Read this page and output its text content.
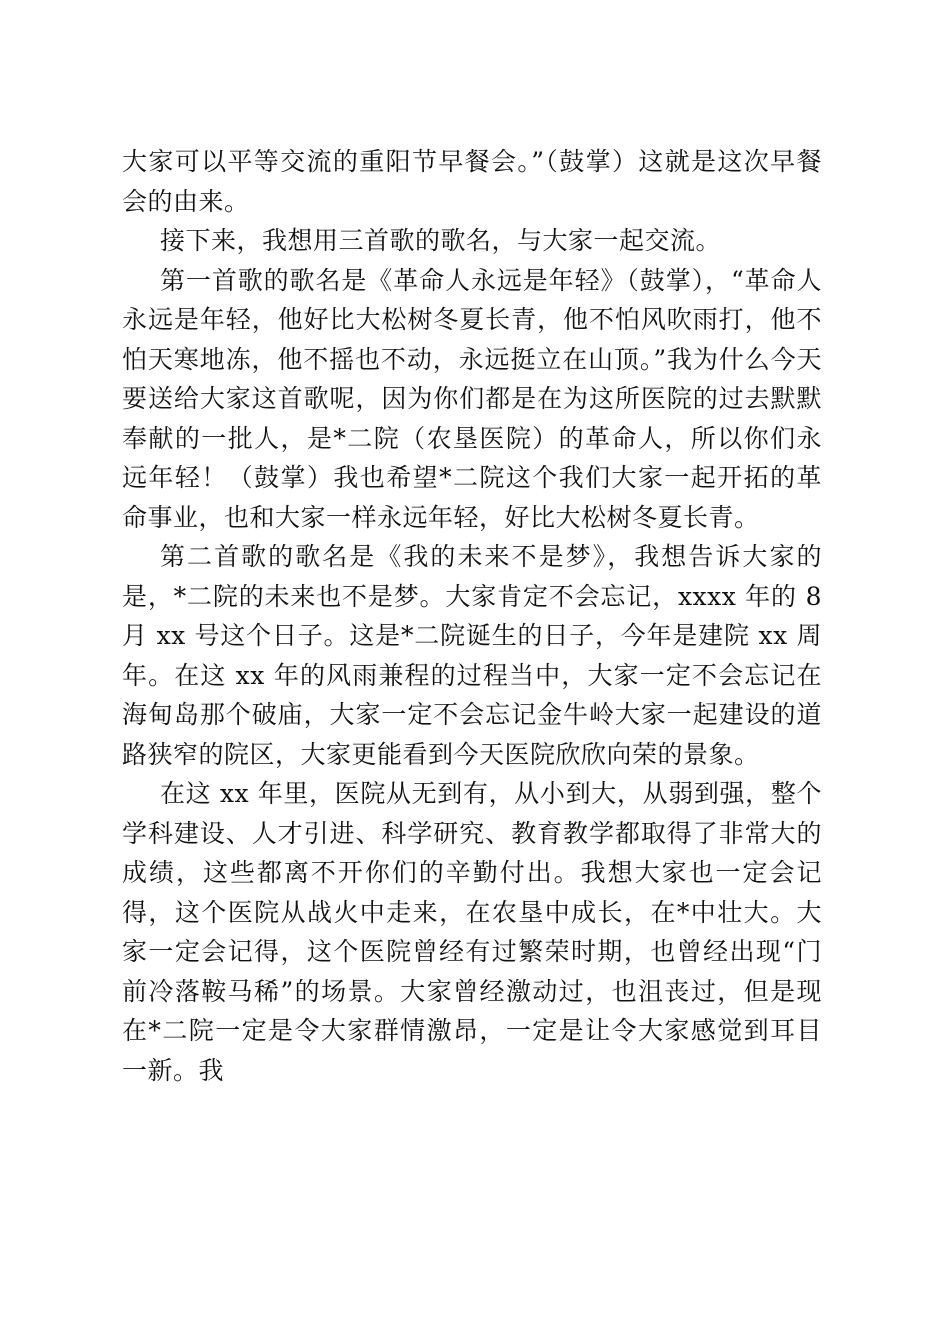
大家可以平等交流的重阳节早餐会。”（鼓掌）这就是这次早餐会的由来。

接下来，我想用三首歌的歌名，与大家一起交流。

第一首歌的歌名是《革命人永远是年轻》（鼓掌），“革命人永远是年轻，他好比大松树冬夏长青，他不怕风吹雨打，他不怕天寒地冻，他不摇也不动，永远挺立在山顶。”我为什么今天要送给大家这首歌呢，因为你们都是在为这所医院的过去默默奉献的一批人，是*二院（农垦医院）的革命人，所以你们永远年轻！（鼓掌）我也希望*二院这个我们大家一起开拓的革命事业，也和大家一样永远年轻，好比大松树冬夏长青。

第二首歌的歌名是《我的未来不是梦》，我想告诉大家的是，*二院的未来也不是梦。大家肯定不会忘记，xxxx 年的 8 月 xx 号这个日子。这是*二院诞生的日子，今年是建院 xx 周年。在这 xx 年的风雨兼程的过程当中，大家一定不会忘记在海甸岛那个破庙，大家一定不会忘记金牛岭大家一起建设的道路狭窄的院区，大家更能看到今天医院欣欣向荣的景象。

在这 xx 年里，医院从无到有，从小到大，从弱到强，整个学科建设、人才引进、科学研究、教育教学都取得了非常大的成绩，这些都离不开你们的辛勤付出。我想大家也一定会记得，这个医院从战火中走来，在农垦中成长，在*中壮大。大家一定会记得，这个医院曾经有过繁荣时期，也曾经出现“门前冷落鞍马稀”的场景。大家曾经激动过，也沮丧过，但是现在*二院一定是令大家群情激昂，一定是让令大家感觉到耳目一新。我
